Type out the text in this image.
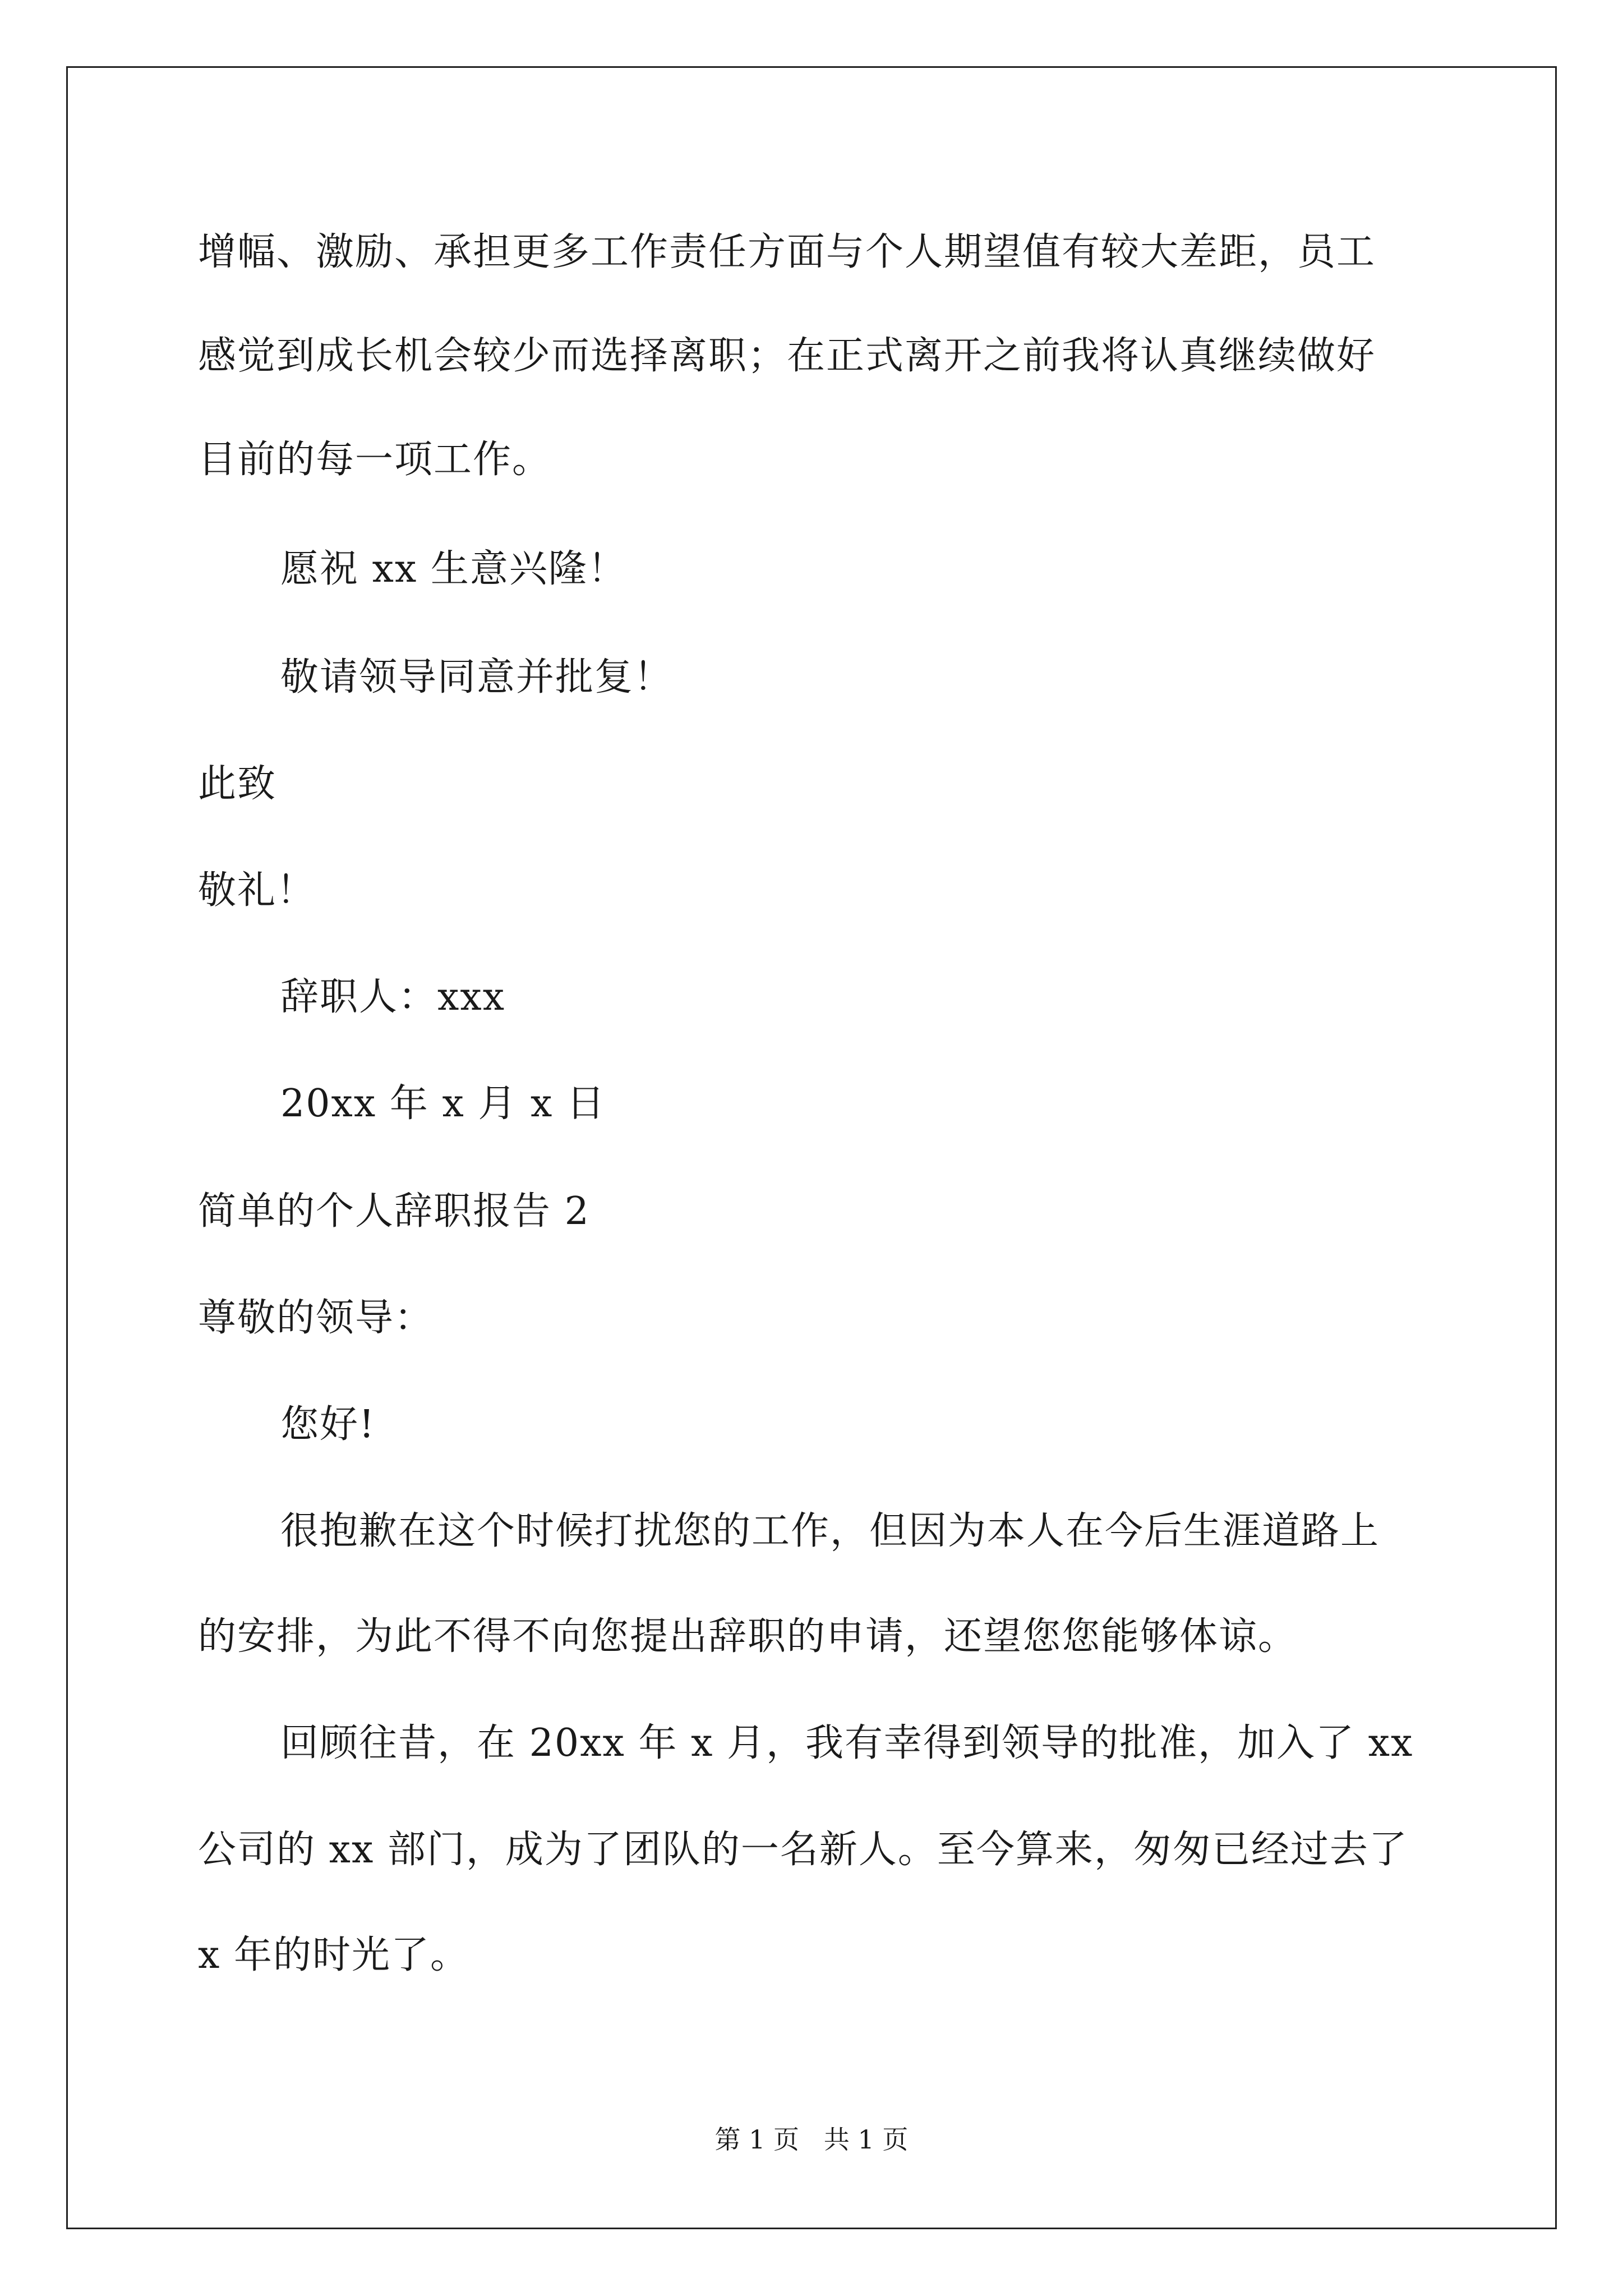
增幅、激励、承担更多工作责任方面与个人期望值有较大差距，员工

感觉到成长机会较少而选择离职；在正式离开之前我将认真继续做好

目前的每一项工作。

愿祝 xx 生意兴隆！

敬请领导同意并批复！

此致

敬礼！

辞职人：xxx

20xx 年 x 月 x 日

简单的个人辞职报告 2

尊敬的领导：

您好!

很抱歉在这个时候打扰您的工作，但因为本人在今后生涯道路上

的安排，为此不得不向您提出辞职的申请，还望您您能够体谅。

回顾往昔，在 20xx 年 x 月，我有幸得到领导的批准，加入了 xx

公司的 xx 部门，成为了团队的一名新人。至今算来，匆匆已经过去了

x 年的时光了。

第 1 页   共 1 页
